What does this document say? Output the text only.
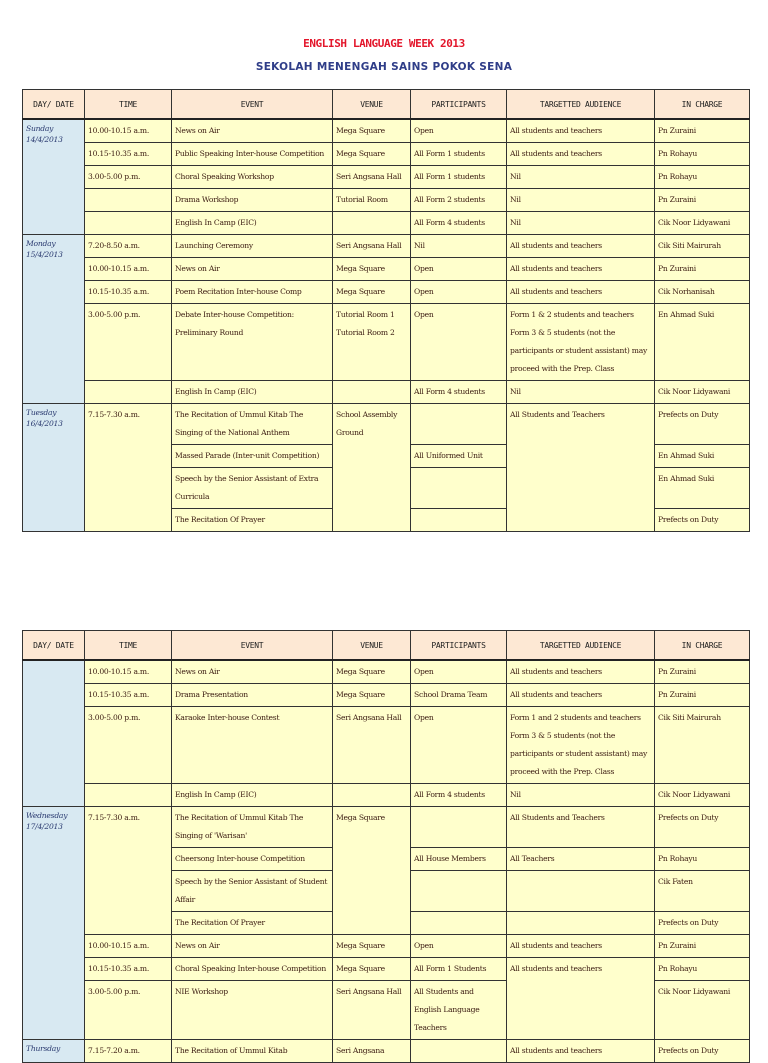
ENGLISH LANGUAGE WEEK 2013
SEKOLAH MENENGAH SAINS POKOK SENA
DAY/ DATE	TIME	EVENT	VENUE	PARTICIPANTS	TARGETTED AUDIENCE	IN CHARGE
Sunday 14/4/2013	10.00-10.15 a.m.	News on Air	Mega Square	Open	All students and teachers	Pn Zuraini
	10.15-10.35 a.m.	Public Speaking Inter-house Competition	Mega Square	All Form 1 students	All students and teachers	Pn Rohayu
	3.00-5.00 p.m.	Choral Speaking Workshop	Seri Angsana Hall	All Form 1 students	Nil	Pn Rohayu
		Drama Workshop	Tutorial Room	All Form 2 students	Nil	Pn Zuraini
		English In Camp (EIC)		All Form 4 students	Nil	Cik Noor Lidyawani
Monday 15/4/2013	7.20-8.50 a.m.	Launching Ceremony	Seri Angsana Hall	Nil	All students and teachers	Cik Siti Mairurah
	10.00-10.15 a.m.	News on Air	Mega Square	Open	All students and teachers	Pn Zuraini
	10.15-10.35 a.m.	Poem Recitation Inter-house Comp	Mega Square	Open	All students and teachers	Cik Norhanisah
	3.00-5.00 p.m.	Debate Inter-house Competition: Preliminary Round	Tutorial Room 1 Tutorial Room 2	Open	Form 1 & 2 students and teachers Form 3 & 5 students (not the participants or student assistant) may proceed with the Prep. Class	En Ahmad Suki
		English In Camp (EIC)		All Form 4 students	Nil	Cik Noor Lidyawani
Tuesday 16/4/2013	7.15-7.30 a.m.	The Recitation of Ummul Kitab The Singing of the National Anthem	School Assembly Ground		All Students and Teachers	Prefects on Duty
		Massed Parade (Inter-unit Competition)		All Uniformed Unit		En Ahmad Suki
		Speech by the Senior Assistant of Extra Curricula				En Ahmad Suki
		The Recitation Of Prayer				Prefects on Duty
DAY/ DATE	TIME	EVENT	VENUE	PARTICIPANTS	TARGETTED AUDIENCE	IN CHARGE
	10.00-10.15 a.m.	News on Air	Mega Square	Open	All students and teachers	Pn Zuraini
	10.15-10.35 a.m.	Drama Presentation	Mega Square	School Drama Team	All students and teachers	Pn Zuraini
	3.00-5.00 p.m.	Karaoke Inter-house Contest	Seri Angsana Hall	Open	Form 1 and 2 students and teachers Form 3 & 5 students (not the participants or student assistant) may proceed with the Prep. Class	Cik Siti Mairurah
		English In Camp (EIC)		All Form 4 students	Nil	Cik Noor Lidyawani
Wednesday 17/4/2013	7.15-7.30 a.m.	The Recitation of Ummul Kitab The Singing of 'Warisan'	Mega Square		All Students and Teachers	Prefects on Duty
		Cheersong Inter-house Competition		All House Members	All Teachers	Pn Rohayu
		Speech by the Senior Assistant of Student Affair				Cik Faten
		The Recitation Of Prayer				Prefects on Duty
	10.00-10.15 a.m.	News on Air	Mega Square	Open	All students and teachers	Pn Zuraini
	10.15-10.35 a.m.	Choral Speaking Inter-house Competition	Mega Square	All Form 1 Students	All students and teachers	Pn Rohayu
	3.00-5.00 p.m.	NIE Workshop	Seri Angsana Hall	All Students and English Language Teachers		Cik Noor Lidyawani
Thursday	7.15-7.20 a.m.	The Recitation of Ummul Kitab	Seri Angsana		All students and teachers	Prefects on Duty
